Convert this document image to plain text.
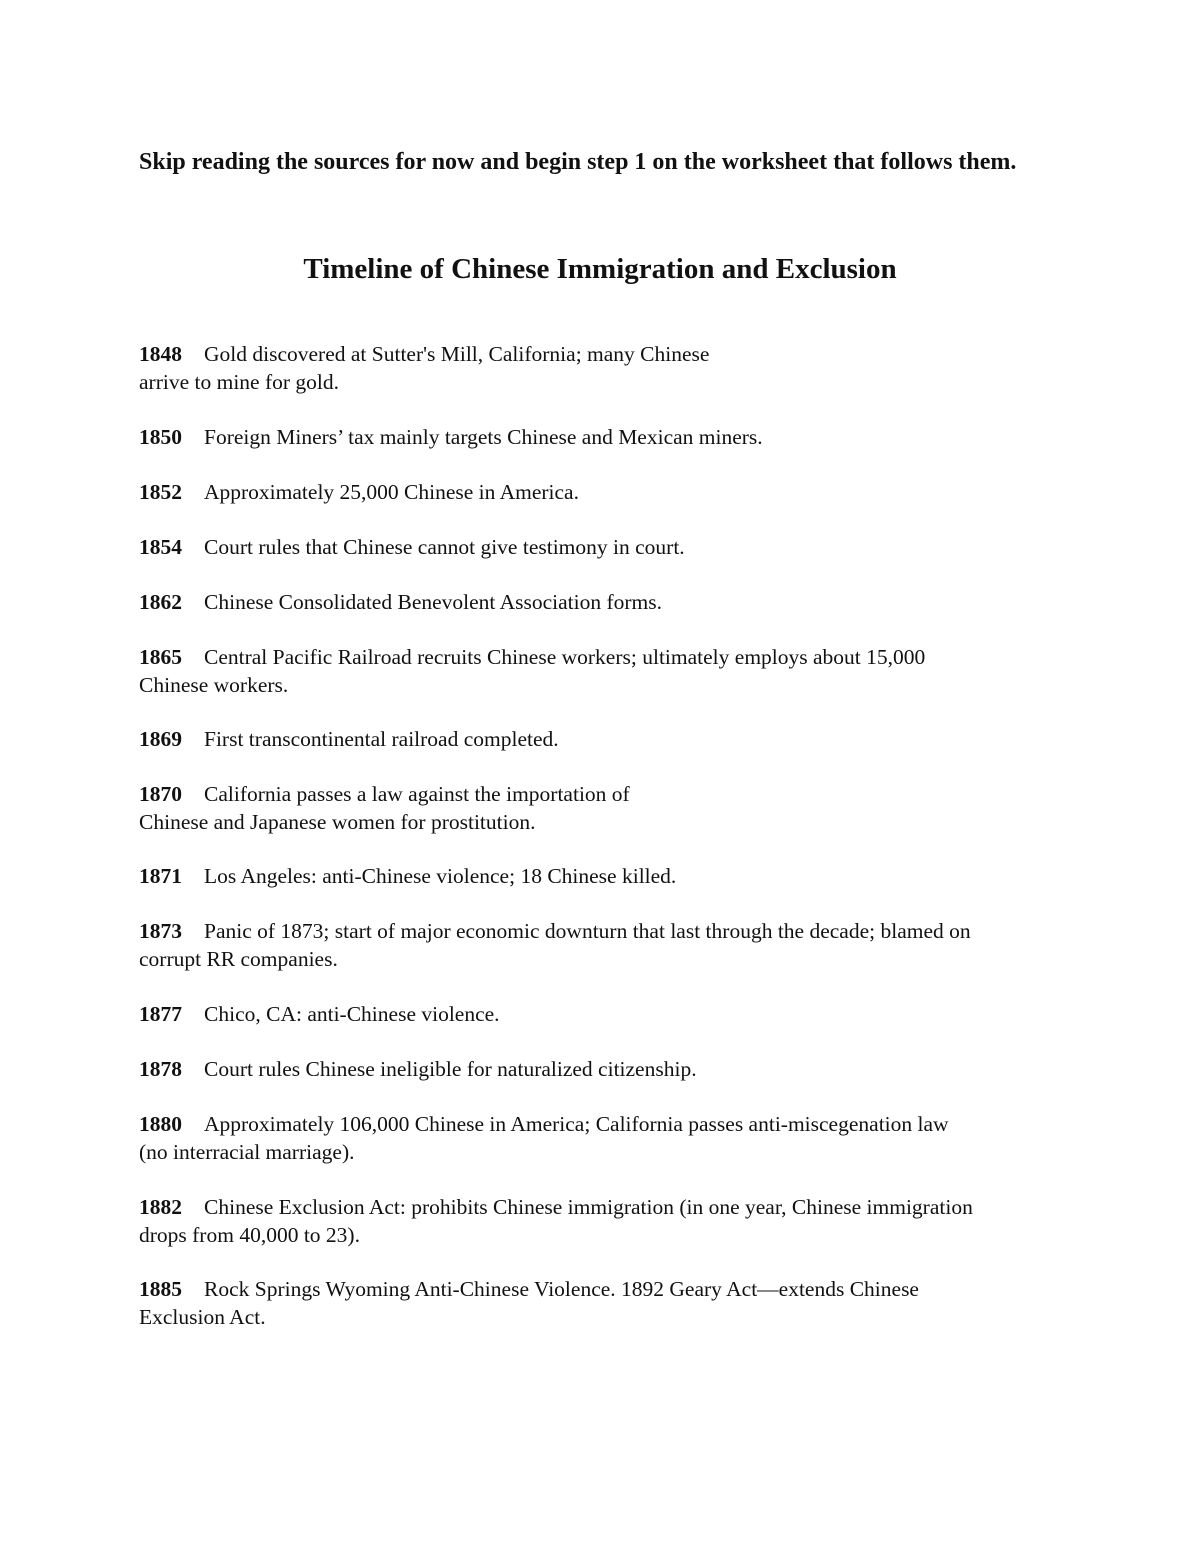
Skip reading the sources for now and begin step 1 on the worksheet that follows them.

Timeline of Chinese Immigration and Exclusion

1848 Gold discovered at Sutter's Mill, California; many Chinese
arrive to mine for gold.

1850 Foreign Miners’ tax mainly targets Chinese and Mexican miners.

1852 Approximately 25,000 Chinese in America.

1854 Court rules that Chinese cannot give testimony in court.

1862 Chinese Consolidated Benevolent Association forms.

1865 Central Pacific Railroad recruits Chinese workers; ultimately employs about 15,000
Chinese workers.

1869 First transcontinental railroad completed.

1870 California passes a law against the importation of
Chinese and Japanese women for prostitution.

1871 Los Angeles: anti-Chinese violence; 18 Chinese killed.

1873 Panic of 1873; start of major economic downturn that last through the decade; blamed on
corrupt RR companies.

1877 Chico, CA: anti-Chinese violence.

1878 Court rules Chinese ineligible for naturalized citizenship.

1880 Approximately 106,000 Chinese in America; California passes anti-miscegenation law
(no interracial marriage).

1882 Chinese Exclusion Act: prohibits Chinese immigration (in one year, Chinese immigration
drops from 40,000 to 23).

1885 Rock Springs Wyoming Anti-Chinese Violence. 1892 Geary Act—extends Chinese
Exclusion Act.
